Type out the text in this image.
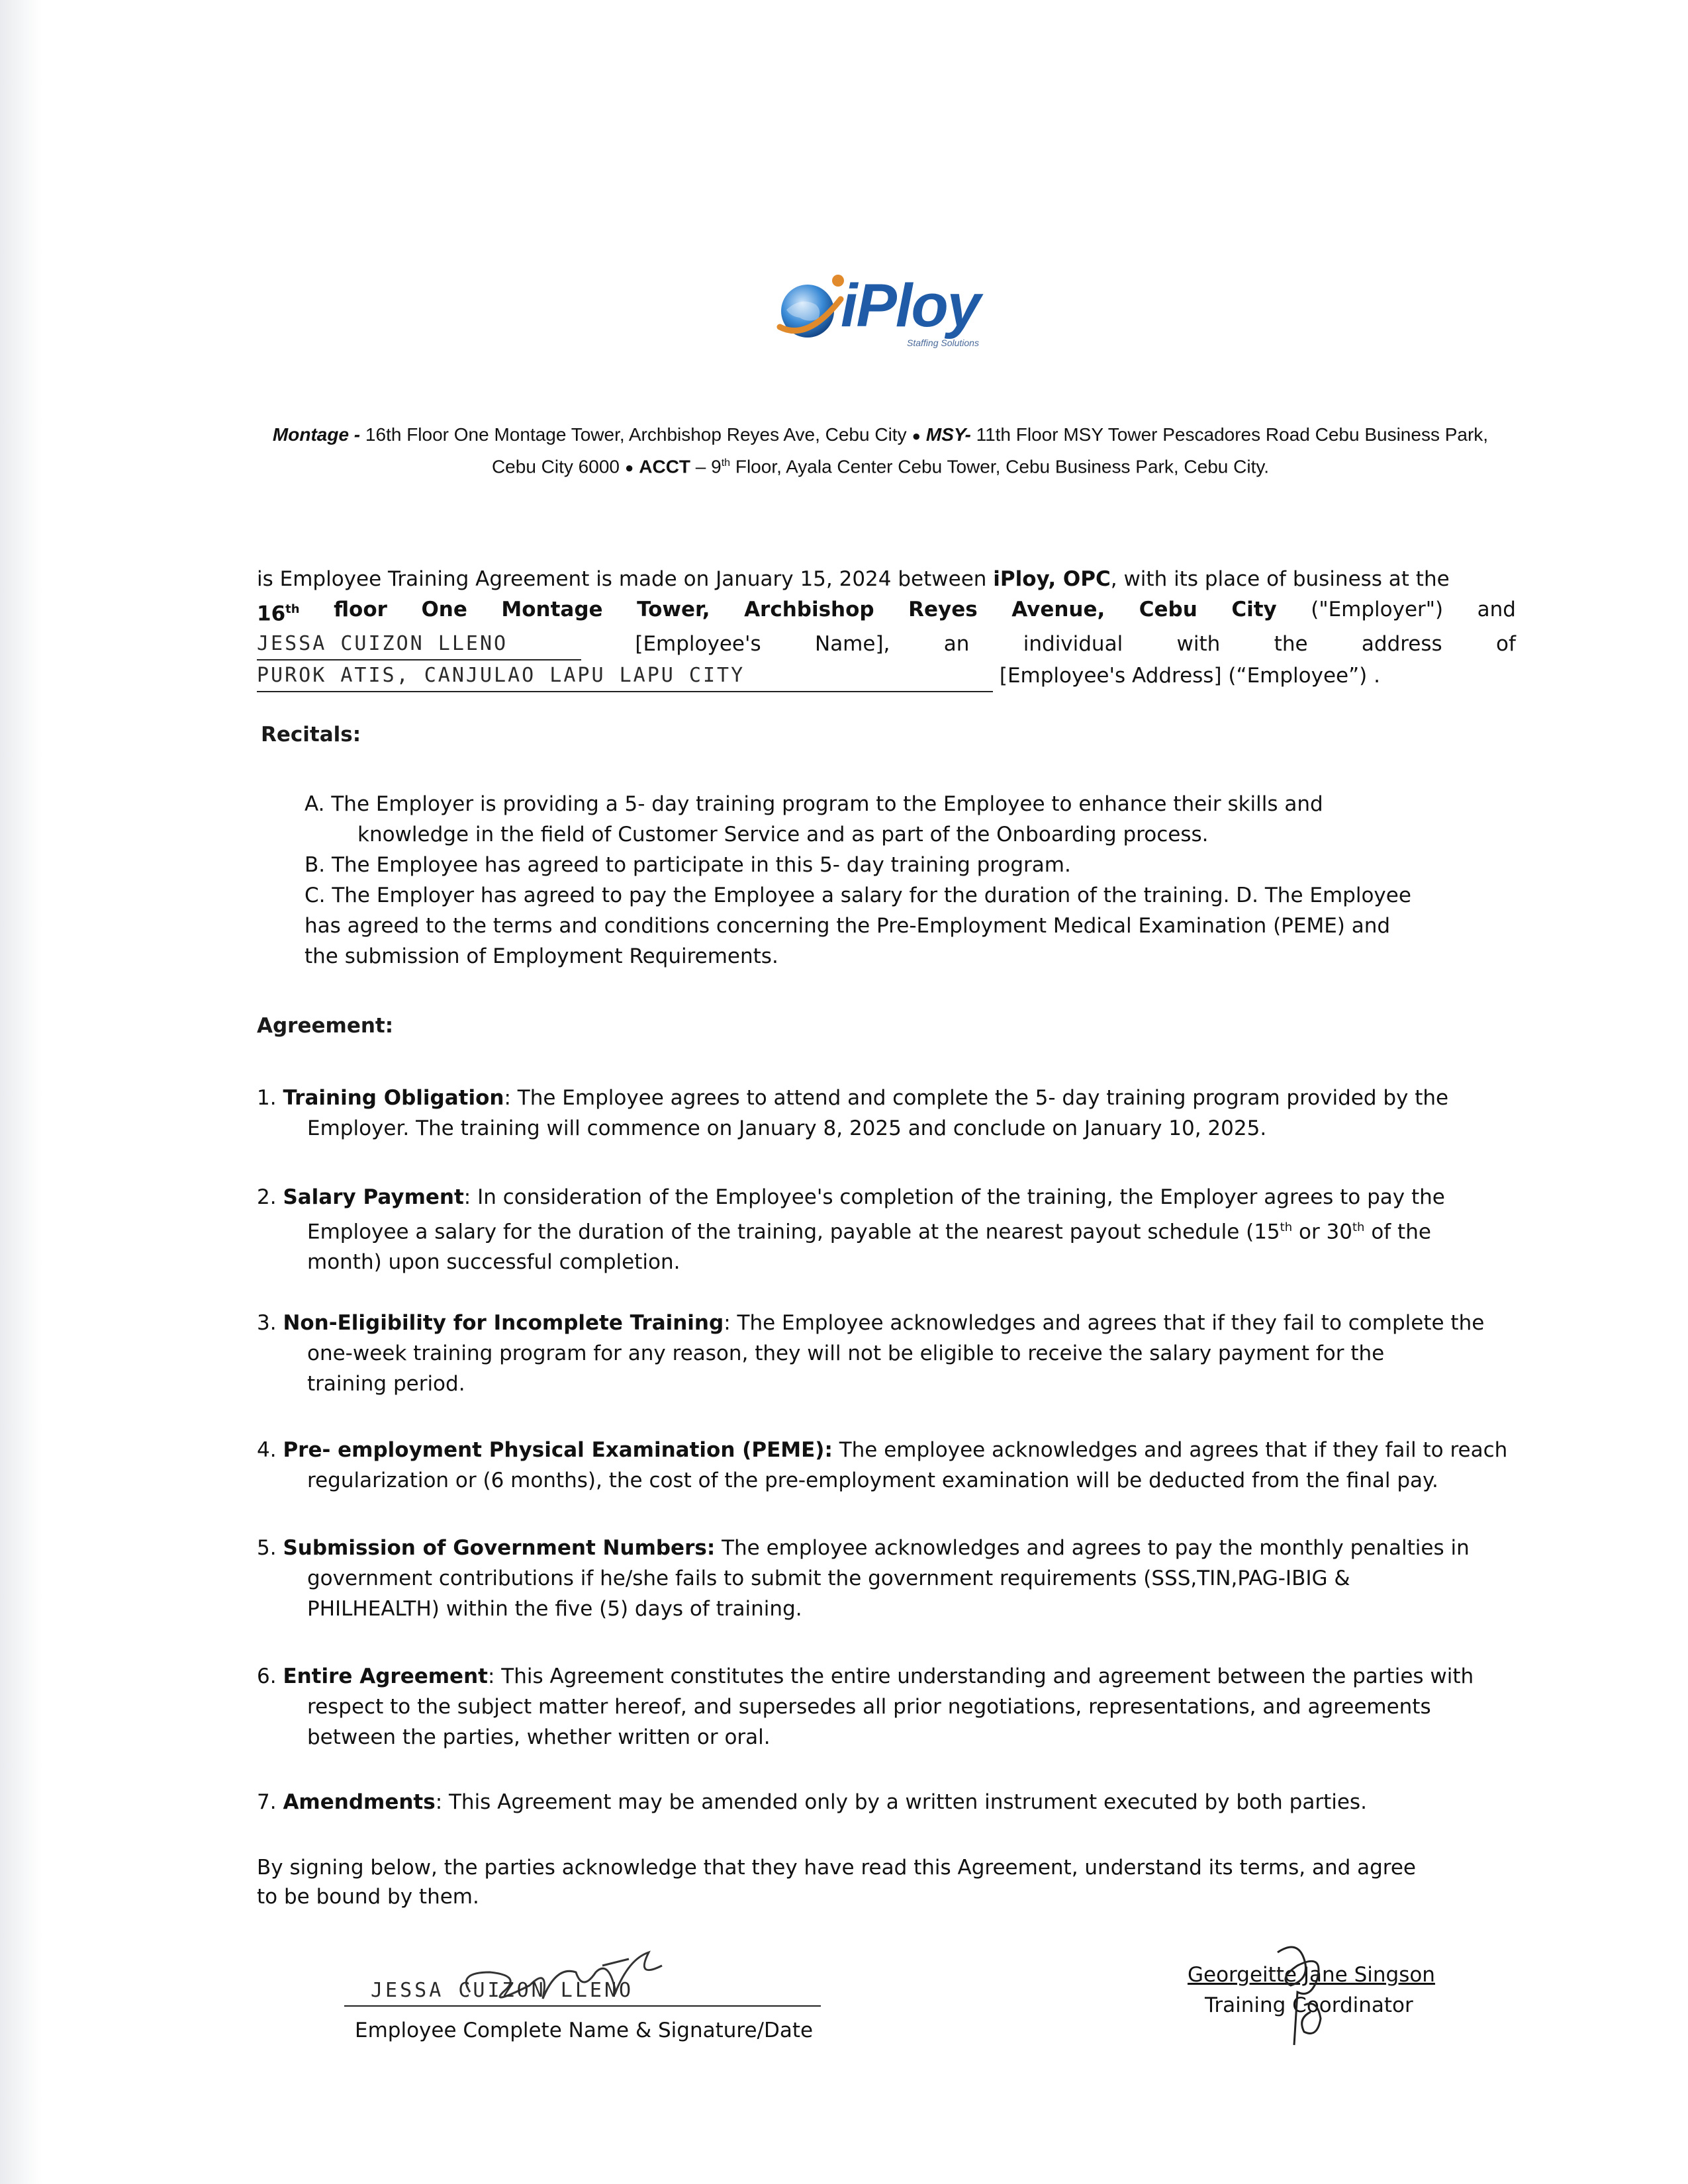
iPloy
Staffing Solutions
Montage - 16th Floor One Montage Tower, Archbishop Reyes Ave, Cebu City ● MSY- 11th Floor MSY Tower Pescadores Road Cebu Business Park, Cebu City 6000 ● ACCT – 9th Floor, Ayala Center Cebu Tower, Cebu Business Park, Cebu City.
is Employee Training Agreement is made on January 15, 2024 between iPloy, OPC, with its place of business at the
16th floor One Montage Tower, Archbishop Reyes Avenue, Cebu City ("Employer") and
JESSA CUIZON LLENO	[Employee's	Name],	an	individual	with	the	address	of
PUROK ATIS, CANJULAO LAPU LAPU CITY	[Employee's Address] (“Employee”) .
Recitals:

A. The Employer is providing a 5- day training program to the Employee to enhance their skills and

knowledge in the field of Customer Service and as part of the Onboarding process.

B. The Employee has agreed to participate in this 5- day training program.

C. The Employer has agreed to pay the Employee a salary for the duration of the training. D. The Employee

has agreed to the terms and conditions concerning the Pre-Employment Medical Examination (PEME) and

the submission of Employment Requirements.

Agreement:
1. Training Obligation: The Employee agrees to attend and complete the 5- day training program provided by the
Employer. The training will commence on January 8, 2025 and conclude on January 10, 2025.
2. Salary Payment: In consideration of the Employee's completion of the training, the Employer agrees to pay the
Employee a salary for the duration of the training, payable at the nearest payout schedule (15th or 30th of the
month) upon successful completion.
3. Non-Eligibility for Incomplete Training: The Employee acknowledges and agrees that if they fail to complete the
one-week training program for any reason, they will not be eligible to receive the salary payment for the
training period.
4. Pre- employment Physical Examination (PEME): The employee acknowledges and agrees that if they fail to reach
regularization or (6 months), the cost of the pre-employment examination will be deducted from the final pay.
5. Submission of Government Numbers: The employee acknowledges and agrees to pay the monthly penalties in
government contributions if he/she fails to submit the government requirements (SSS,TIN,PAG-IBIG &
PHILHEALTH) within the five (5) days of training.
6. Entire Agreement: This Agreement constitutes the entire understanding and agreement between the parties with
respect to the subject matter hereof, and supersedes all prior negotiations, representations, and agreements
between the parties, whether written or oral.
7. Amendments: This Agreement may be amended only by a written instrument executed by both parties.
By signing below, the parties acknowledge that they have read this Agreement, understand its terms, and agree
to be bound by them.
JESSA CUIZON LLENO
Employee Complete Name & Signature/Date
Georgeitte Jane Singson
Training Coordinator
